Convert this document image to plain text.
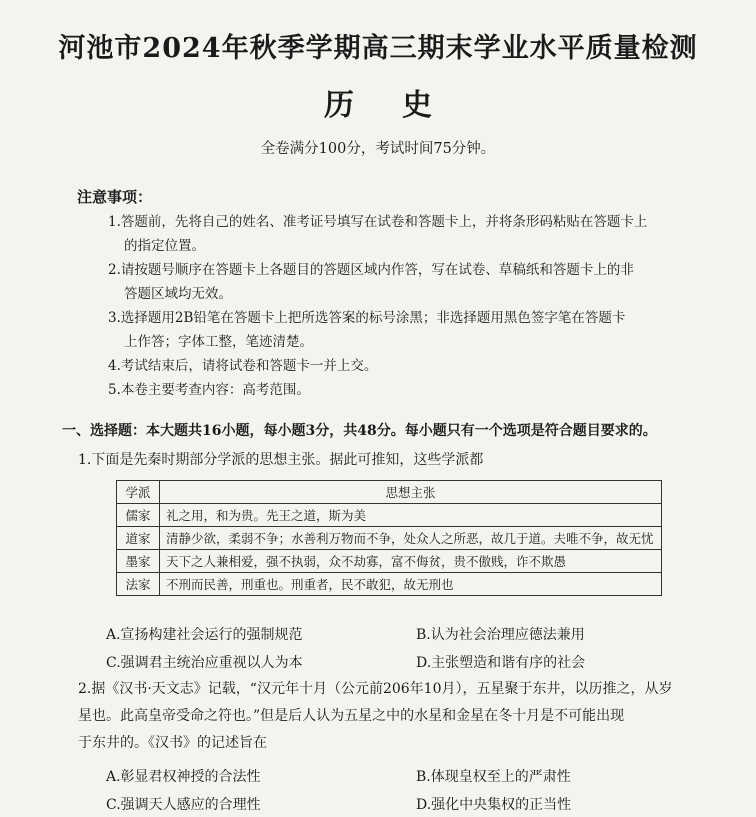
河池市2024年秋季学期高三期末学业水平质量检测
历史
全卷满分100分，考试时间75分钟。
注意事项：
1.答题前，先将自己的姓名、准考证号填写在试卷和答题卡上，并将条形码粘贴在答题卡上
的指定位置。
2.请按题号顺序在答题卡上各题目的答题区域内作答，写在试卷、草稿纸和答题卡上的非
答题区域均无效。
3.选择题用2B铅笔在答题卡上把所选答案的标号涂黑；非选择题用黑色签字笔在答题卡
上作答；字体工整，笔迹清楚。
4.考试结束后，请将试卷和答题卡一并上交。
5.本卷主要考查内容：高考范围。
一、选择题：本大题共16小题，每小题3分，共48分。每小题只有一个选项是符合题目要求的。
1.下面是先秦时期部分学派的思想主张。据此可推知，这些学派都
学派	思想主张
儒家	礼之用，和为贵。先王之道，斯为美
道家	清静少欲，柔弱不争；水善利万物而不争，处众人之所恶，故几于道。夫唯不争，故无忧
墨家	天下之人兼相爱，强不执弱，众不劫寡，富不侮贫，贵不傲贱，诈不欺愚
法家	不刑而民善，刑重也。刑重者，民不敢犯，故无刑也
A.宣扬构建社会运行的强制规范	B.认为社会治理应德法兼用
C.强调君主统治应重视以人为本	D.主张塑造和谐有序的社会
2.据《汉书·天文志》记载，“汉元年十月（公元前206年10月），五星聚于东井，以历推之，从岁
星也。此高皇帝受命之符也。”但是后人认为五星之中的水星和金星在冬十月是不可能出现
于东井的。《汉书》的记述旨在
A.彰显君权神授的合法性	B.体现皇权至上的严肃性
C.强调天人感应的合理性	D.强化中央集权的正当性
